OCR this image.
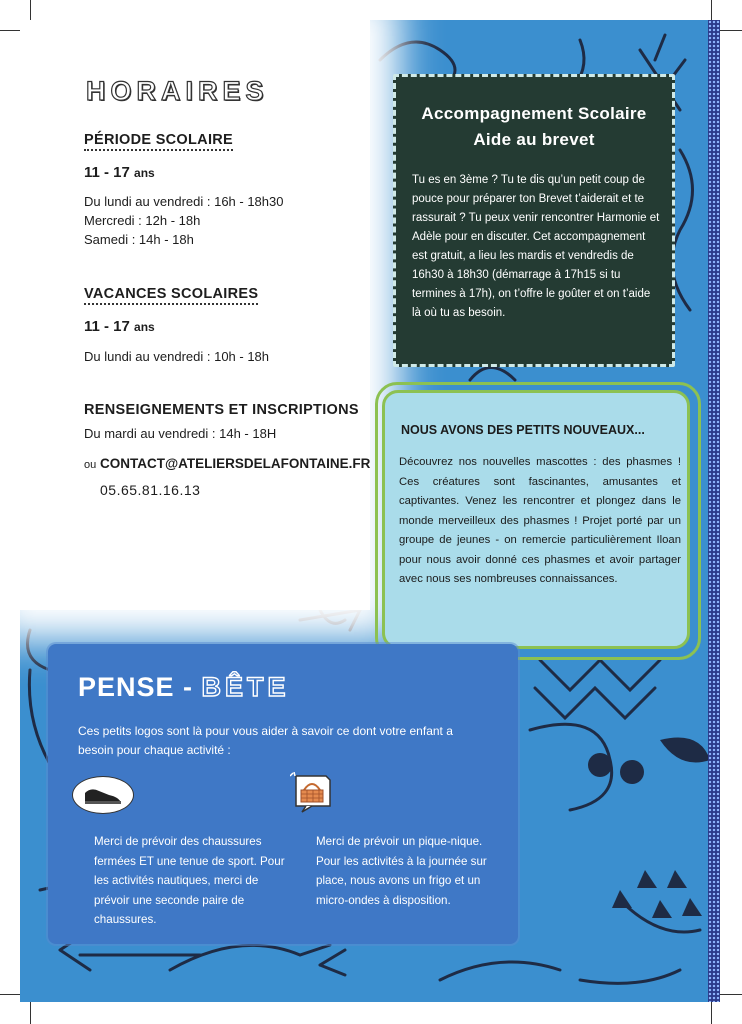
HORAIRES
PÉRIODE SCOLAIRE
11 - 17 ans
Du lundi au vendredi : 16h - 18h30
Mercredi : 12h - 18h
Samedi : 14h - 18h
VACANCES SCOLAIRES
11 - 17 ans
Du lundi au vendredi : 10h - 18h
RENSEIGNEMENTS ET INSCRIPTIONS
Du mardi au vendredi : 14h - 18H
ou CONTACT@ATELIERSDELAFONTAINE.FR
05.65.81.16.13
Accompagnement Scolaire
Aide au brevet
Tu es en 3ème ? Tu te dis qu’un petit coup de pouce pour préparer ton Brevet t’aiderait et te rassurait ? Tu peux venir rencontrer Harmonie et Adèle pour en discuter. Cet accompagnement est gratuit, a lieu les mardis et vendredis de 16h30 à 18h30 (démarrage à 17h15 si tu termines à 17h), on t’offre le goûter et on t’aide là où tu as besoin.
NOUS AVONS DES PETITS NOUVEAUX...
Découvrez nos nouvelles mascottes : des phasmes ! Ces créatures sont fascinantes, amusantes et captivantes. Venez les rencontrer et plongez dans le monde merveilleux des phasmes ! Projet porté par un groupe de jeunes - on remercie particulièrement Iloan pour nous avoir donné ces phasmes et avoir partager avec nous ses nombreuses connaissances.
PENSE - BÊTE
Ces petits logos sont là pour vous aider à savoir ce dont votre enfant a besoin pour chaque activité :
Merci de prévoir des chaussures fermées ET une tenue de sport. Pour les activités nautiques, merci de prévoir une seconde paire de chaussures.
Merci de prévoir un pique-nique. Pour les activités à la journée sur place, nous avons un frigo et un micro-ondes à disposition.
